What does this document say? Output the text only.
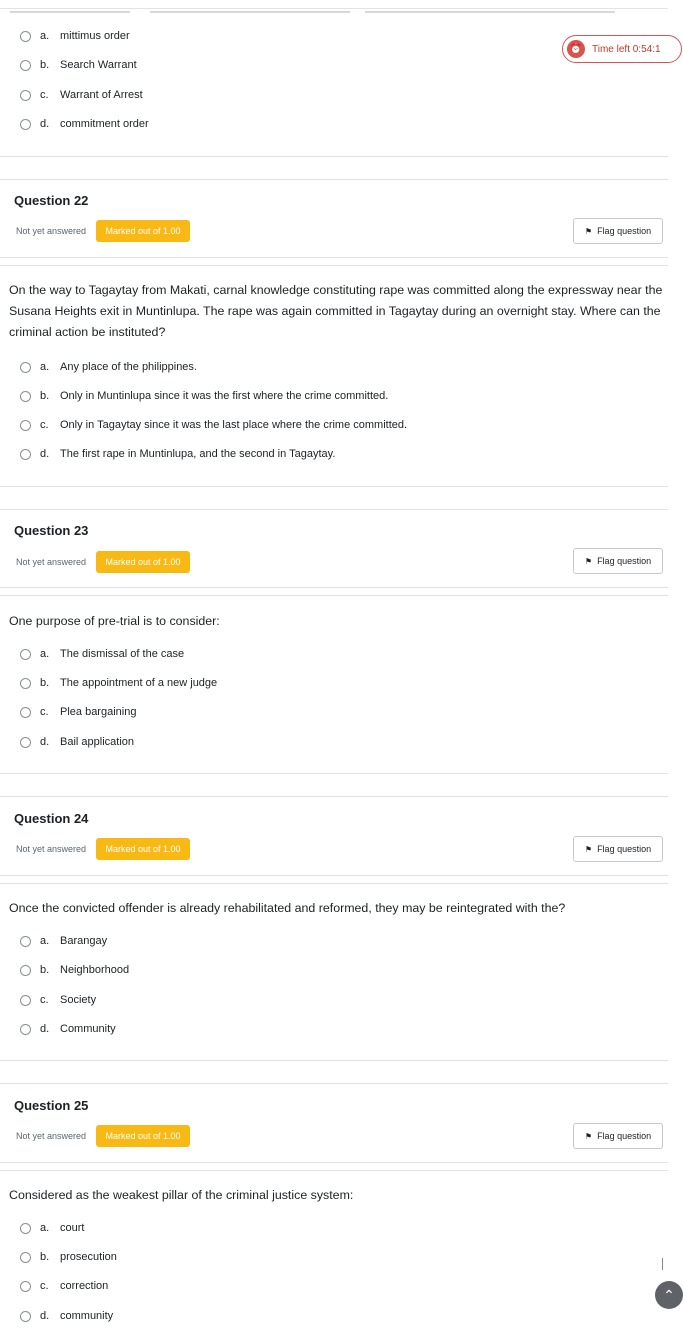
a. mittimus order
b. Search Warrant
c.	Warrant of Arrest
d. commitment order
⏰ Time left 0:54:1
Question 22
Not yet answered	Marked out of 1.00	⚑ Flag question
On the way to Tagaytay from Makati, carnal knowledge constituting rape was committed along the expressway near the Susana Heights exit in Muntinlupa. The rape was again committed in Tagaytay during an overnight stay. Where can the criminal action be instituted?
a. Any place of the philippines.
b. Only in Muntinlupa since it was the first where the crime committed.
c.	Only in Tagaytay since it was the last place where the crime committed.
d. The first rape in Muntinlupa, and the second in Tagaytay.
Question 23
Not yet answered	Marked out of 1.00	⚑ Flag question
One purpose of pre-trial is to consider:
a. The dismissal of the case
b. The appointment of a new judge
c.	Plea bargaining
d. Bail application
Question 24
Not yet answered	Marked out of 1.00	⚑ Flag question
Once the convicted offender is already rehabilitated and reformed, they may be reintegrated with the?
a. Barangay
b. Neighborhood
c.	Society
d. Community
Question 25
Not yet answered	Marked out of 1.00	⚑ Flag question
Considered as the weakest pillar of the criminal justice system:
a. court
b. prosecution
c.	correction
d. community
⌃
